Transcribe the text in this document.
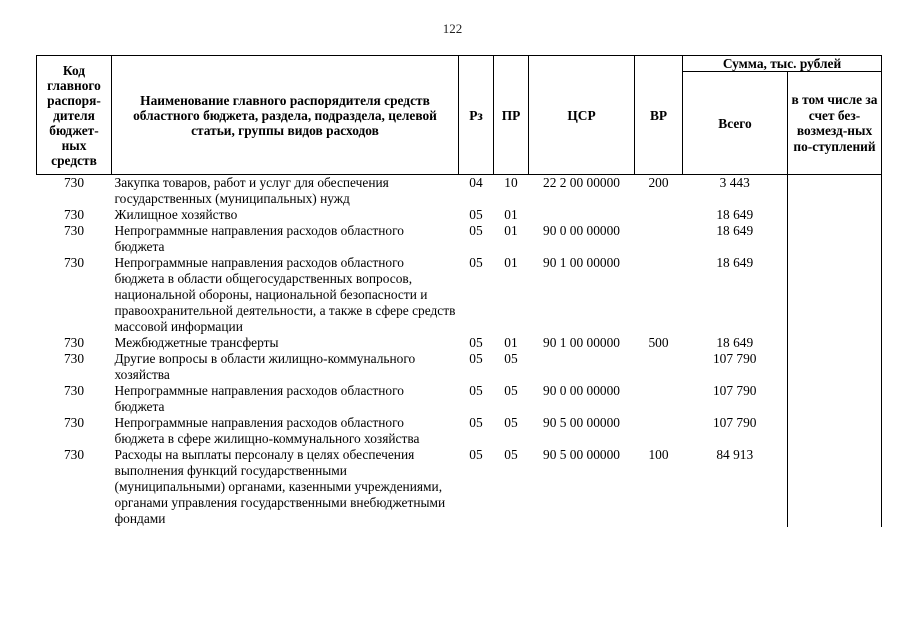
122
Код главного распоря-дителя бюджет-ных средств	Наименование главного распорядителя средств областного бюджета, раздела, подраздела, целевой статьи, группы видов расходов	Рз	ПР	ЦСР	ВР	Сумма, тыс. рублей	
						Всего	в том числе за счет без-возмезд-ных по-ступлений
730	Закупка товаров, работ и услуг для обеспечения государственных (муниципальных) нужд	04	10	22 2 00 00000	200	3 443	
730	Жилищное хозяйство	05	01			18 649	
730	Непрограммные направления расходов областного бюджета	05	01	90 0 00 00000		18 649	
730	Непрограммные направления расходов областного бюджета в области общегосударственных вопросов, национальной обороны, национальной безопасности и правоохранительной деятельности, а также в сфере средств массовой информации	05	01	90 1 00 00000		18 649	
730	Межбюджетные трансферты	05	01	90 1 00 00000	500	18 649	
730	Другие вопросы в области жилищно-коммунального хозяйства	05	05			107 790	
730	Непрограммные направления расходов областного бюджета	05	05	90 0 00 00000		107 790	
730	Непрограммные направления расходов областного бюджета в сфере жилищно-коммунального хозяйства	05	05	90 5 00 00000		107 790	
730	Расходы на выплаты персоналу в целях обеспечения выполнения функций государственными (муниципальными) органами, казенными учреждениями, органами управления государственными внебюджетными фондами	05	05	90 5 00 00000	100	84 913	
